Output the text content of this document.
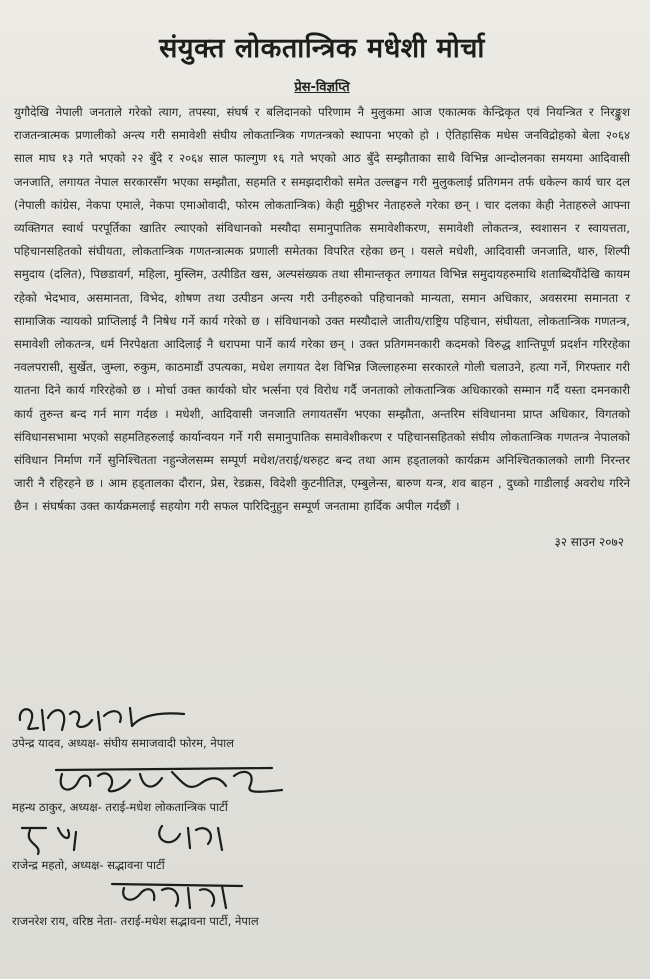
संयुक्त लोकतान्त्रिक मधेशी मोर्चा
प्रेस-विज्ञप्ति

युगौदेखि नेपाली जनताले गरेको त्याग, तपस्या, संघर्ष र बलिदानको परिणाम नै मुलुकमा आज एकात्मक केन्द्रिकृत एवं नियन्त्रित र निरङ्कुश राजतन्त्रात्मक प्रणालीको अन्त्य गरी समावेशी संघीय लोकतान्त्रिक गणतन्त्रको स्थापना भएको हो । ऐतिहासिक मधेस जनविद्रोहको बेला २०६४ साल माघ १३ गते भएको २२ बुँदे र २०६४ साल फाल्गुण १६ गते भएको आठ बुँदे सम्झौताका साथै विभिन्न आन्दोलनका समयमा आदिवासी जनजाति, लगायत नेपाल सरकारसँग भएका सम्झौता, सहमति र समझदारीको समेत उल्लङ्घन गरी मुलुकलाई प्रतिगमन तर्फ धकेल्न कार्य चार दल (नेपाली कांग्रेस, नेकपा एमाले, नेकपा एमाओवादी, फोरम लोकतान्त्रिक) केही मुठ्ठीभर नेताहरुले गरेका छन् । चार दलका केही नेताहरुले आफ्ना व्यक्तिगत स्वार्थ परपूर्तिका खातिर ल्याएको संविधानको मस्यौदा समानुपातिक समावेशीकरण, समावेशी लोकतन्त्र, स्वशासन र स्वायत्तता, पहिचानसहितको संघीयता, लोकतान्त्रिक गणतन्त्रात्मक प्रणाली समेतका विपरित रहेका छन् । यसले मधेशी, आदिवासी जनजाति, थारु, शिल्पी समुदाय (दलित), पिछडावर्ग, महिला, मुस्लिम, उत्पीडित खस, अल्पसंख्यक तथा सीमान्तकृत लगायत विभिन्न समुदायहरुमाथि शताब्दियौंदेखि कायम रहेको भेदभाव, असमानता, विभेद, शोषण तथा उत्पीडन अन्त्य गरी उनीहरुको पहिचानको मान्यता, समान अधिकार, अवसरमा समानता र सामाजिक न्यायको प्राप्तिलाई नै निषेध गर्ने कार्य गरेको छ । संविधानको उक्त मस्यौदाले जातीय/राष्ट्रिय पहिचान, संघीयता, लोकतान्त्रिक गणतन्त्र, समावेशी लोकतन्त्र, धर्म निरपेक्षता आदिलाई नै धरापमा पार्ने कार्य गरेका छन् । उक्त प्रतिगमनकारी कदमको विरुद्ध शान्तिपूर्ण प्रदर्शन गरिरहेका नवलपरासी, सुर्खेत, जुम्ला, रुकुम, काठमाडौं उपत्यका, मधेश लगायत देश विभिन्न जिल्लाहरुमा सरकारले गोली चलाउने, हत्या गर्ने, गिरफ्तार गरी यातना दिने कार्य गरिरहेको छ । मोर्चा उक्त कार्यको घोर भर्त्सना एवं विरोध गर्दै जनताको लोकतान्त्रिक अधिकारको सम्मान गर्दै यस्ता दमनकारी कार्य तुरुन्त बन्द गर्न माग गर्दछ । मधेशी, आदिवासी जनजाति लगायतसँग भएका सम्झौता, अन्तरिम संविधानमा प्राप्त अधिकार, विगतको संविधानसभामा भएको सहमतिहरुलाई कार्यान्वयन गर्ने गरी समानुपातिक समावेशीकरण र पहिचानसहितको संघीय लोकतान्त्रिक गणतन्त्र नेपालको संविधान निर्माण गर्ने सुनिश्चितता नहुन्जेलसम्म सम्पूर्ण मधेश/तराई/थरुहट बन्द तथा आम हड्तालको कार्यक्रम अनिश्चितकालको लागी निरन्तर जारी नै रहिरहने छ । आम हड्तालका दौरान, प्रेस, रेडक्रस, विदेशी कुटनीतिज्ञ, एम्बुलेन्स, बारुण यन्त्र, शव बाहन , दुध्को गाडीलाई अवरोध गरिने छैन । संघर्षका उक्त कार्यक्रमलाई सहयोग गरी सफल पारिदिनुहुन सम्पूर्ण जनतामा हार्दिक अपील गर्दछौं ।

३२ साउन २०७२
उपेन्द्र यादव, अध्यक्ष- संघीय समाजवादी फोरम, नेपाल
महन्थ ठाकुर, अध्यक्ष- तराई-मधेश लोकतान्त्रिक पार्टी
राजेन्द्र महतो, अध्यक्ष- सद्भावना पार्टी
राजनरेश राय, वरिष्ठ नेता- तराई-मधेश सद्भावना पार्टी, नेपाल
